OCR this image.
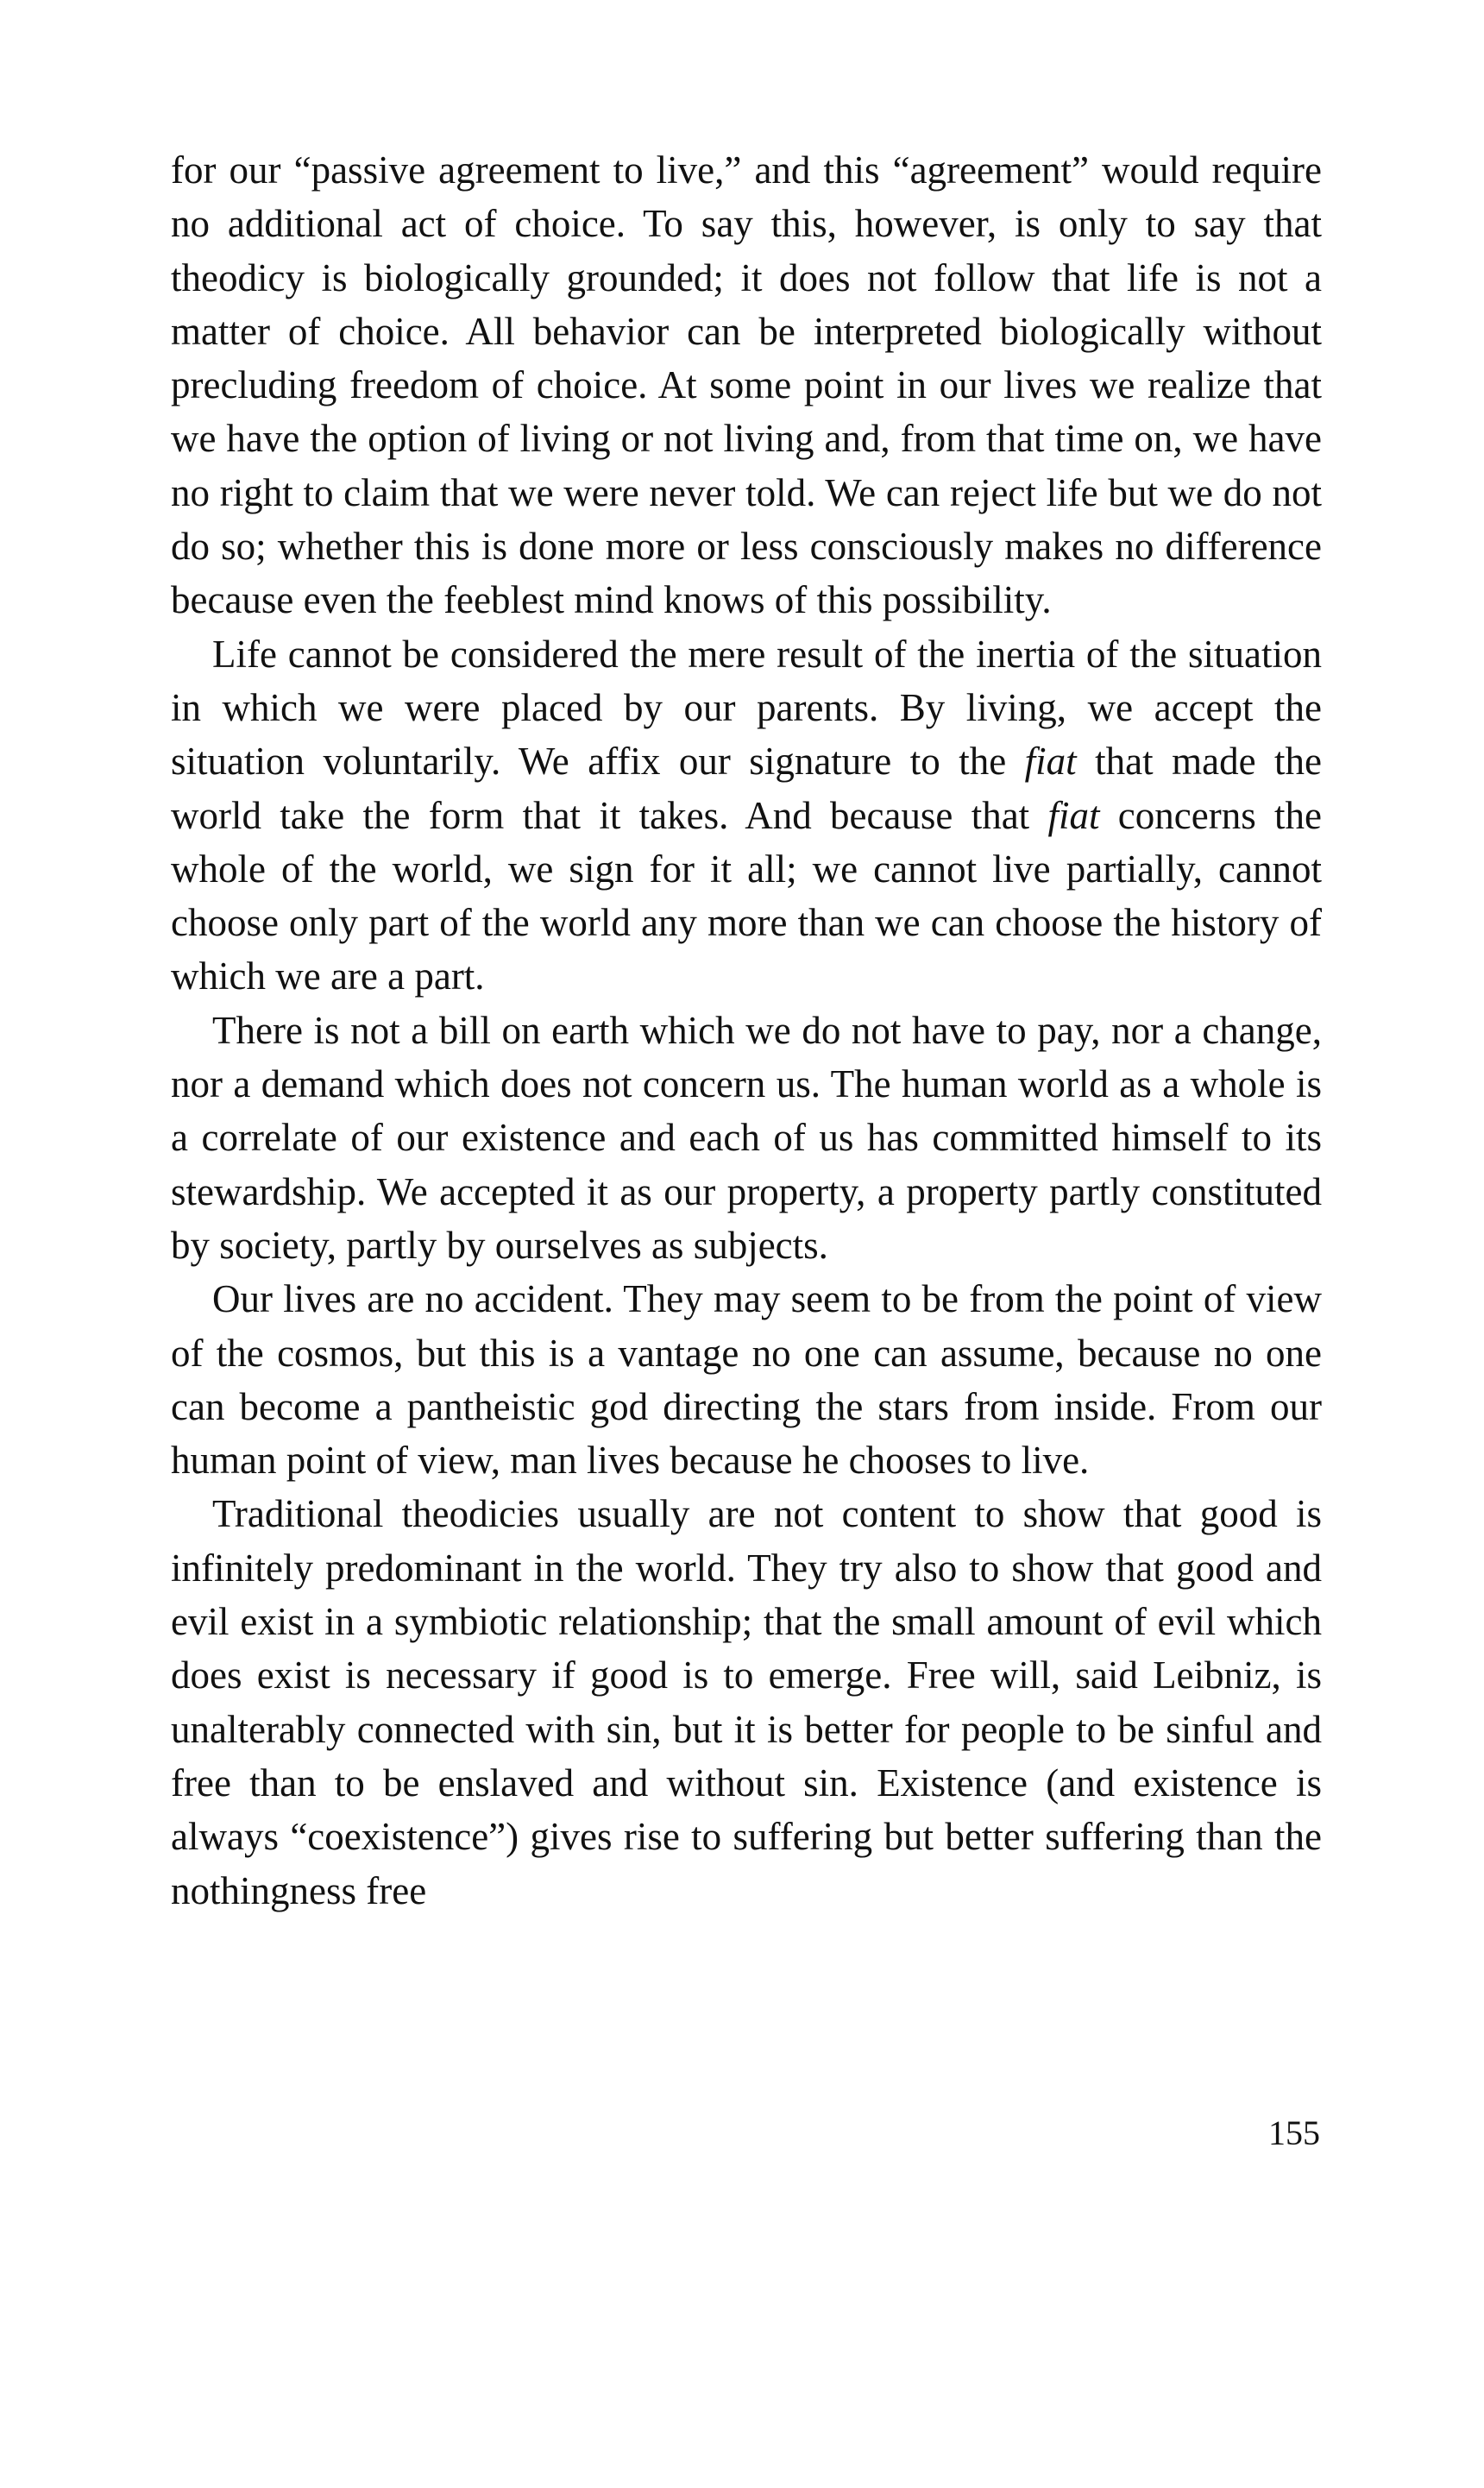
for our “passive agreement to live,” and this “agreement” would require no additional act of choice. To say this, however, is only to say that theodicy is biologically grounded; it does not follow that life is not a matter of choice. All behavior can be interpreted biologically without precluding freedom of choice. At some point in our lives we realize that we have the option of living or not living and, from that time on, we have no right to claim that we were never told. We can reject life but we do not do so; whether this is done more or less consciously makes no difference because even the feeblest mind knows of this possibility.

Life cannot be considered the mere result of the inertia of the situation in which we were placed by our parents. By living, we accept the situation voluntarily. We affix our signature to the fiat that made the world take the form that it takes. And because that fiat concerns the whole of the world, we sign for it all; we cannot live partially, cannot choose only part of the world any more than we can choose the history of which we are a part.

There is not a bill on earth which we do not have to pay, nor a change, nor a demand which does not concern us. The human world as a whole is a correlate of our existence and each of us has committed himself to its stewardship. We accepted it as our property, a property partly constituted by society, partly by ourselves as subjects.

Our lives are no accident. They may seem to be from the point of view of the cosmos, but this is a vantage no one can assume, because no one can become a pantheistic god directing the stars from inside. From our human point of view, man lives because he chooses to live.

Traditional theodicies usually are not content to show that good is infinitely predominant in the world. They try also to show that good and evil exist in a symbiotic relationship; that the small amount of evil which does exist is necessary if good is to emerge. Free will, said Leibniz, is unalterably connected with sin, but it is better for people to be sinful and free than to be enslaved and without sin. Existence (and existence is always “coexistence”) gives rise to suffering but better suffering than the nothingness free

155
